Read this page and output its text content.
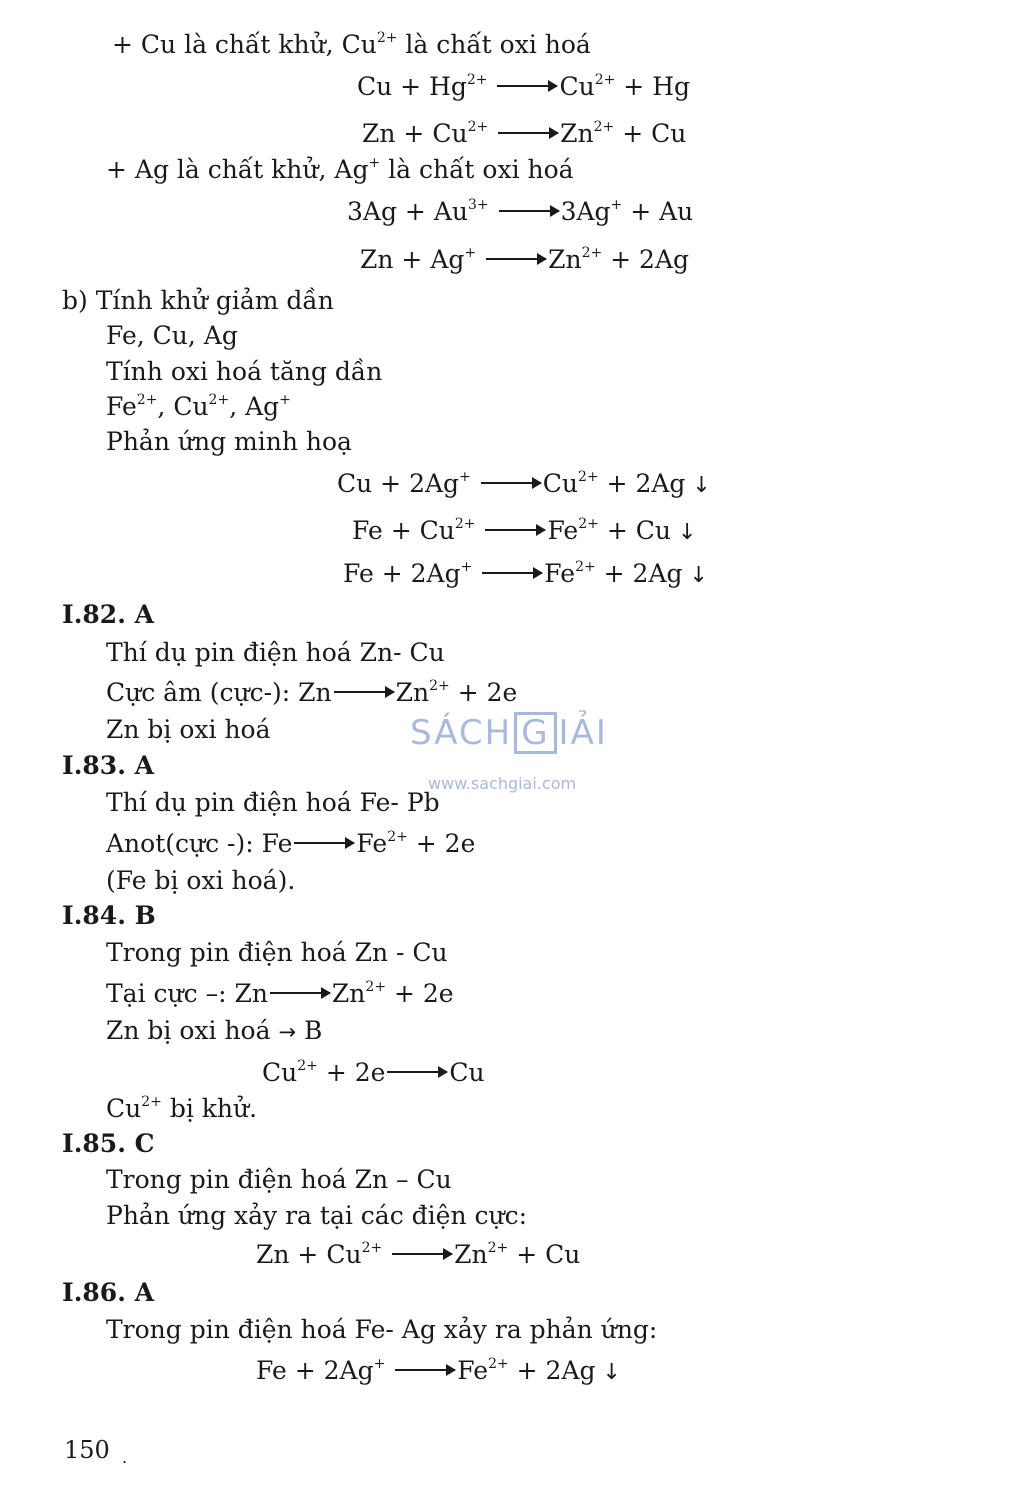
+ Cu là chất khử, $Cu^{2+}$ là chất oxi hoá
$Cu + Hg^{2+}$	$Cu^{2+} + Hg$
$Zn + Cu^{2+}$	$Zn^{2+} + Cu$
+ Ag là chất khử, Ag+ là chất oxi hoá
$3Ag + Au^{3+}$	3Ag+ + Au
Zn + Ag+	$Zn^{2+} + 2Ag$
b) Tính khử giảm dần
Fe, Cu, Ag
Tính oxi hoá tăng dần
$Fe^{2+}$, $Cu^{2+}$, Ag+
Phản ứng minh hoạ
Cu + 2Ag+	$Cu^{2+} + 2Ag$ ↓
$Fe + Cu^{2+}$	$Fe^{2+} + Cu$ ↓
Fe + 2Ag+	$Fe^{2+} + 2Ag$ ↓
I.82. A
Thí dụ pin điện hoá Zn- Cu
Cực âm (cực-): Zn	$Zn^{2+} + 2e$
Zn bị oxi hoá
I.83. A
Thí dụ pin điện hoá Fe- Pb
Anot(cực -): Fe	$Fe^{2+} + 2e$
(Fe bị oxi hoá).
I.84. B
Trong pin điện hoá Zn - Cu
Tại cực –: Zn	$Zn^{2+} + 2e$
Zn bị oxi hoá → B
$Cu^{2+} + 2e$	Cu
$Cu^{2+}$ bị khử.
I.85. C
Trong pin điện hoá Zn – Cu
Phản ứng xảy ra tại các điện cực:
$Zn + Cu^{2+}$	$Zn^{2+} + Cu$
I.86. A
Trong pin điện hoá Fe- Ag xảy ra phản ứng:
Fe + 2Ag+	$Fe^{2+} + 2Ag$ ↓
SÁCH G IẢI
www.sachgiai.com
150 .
